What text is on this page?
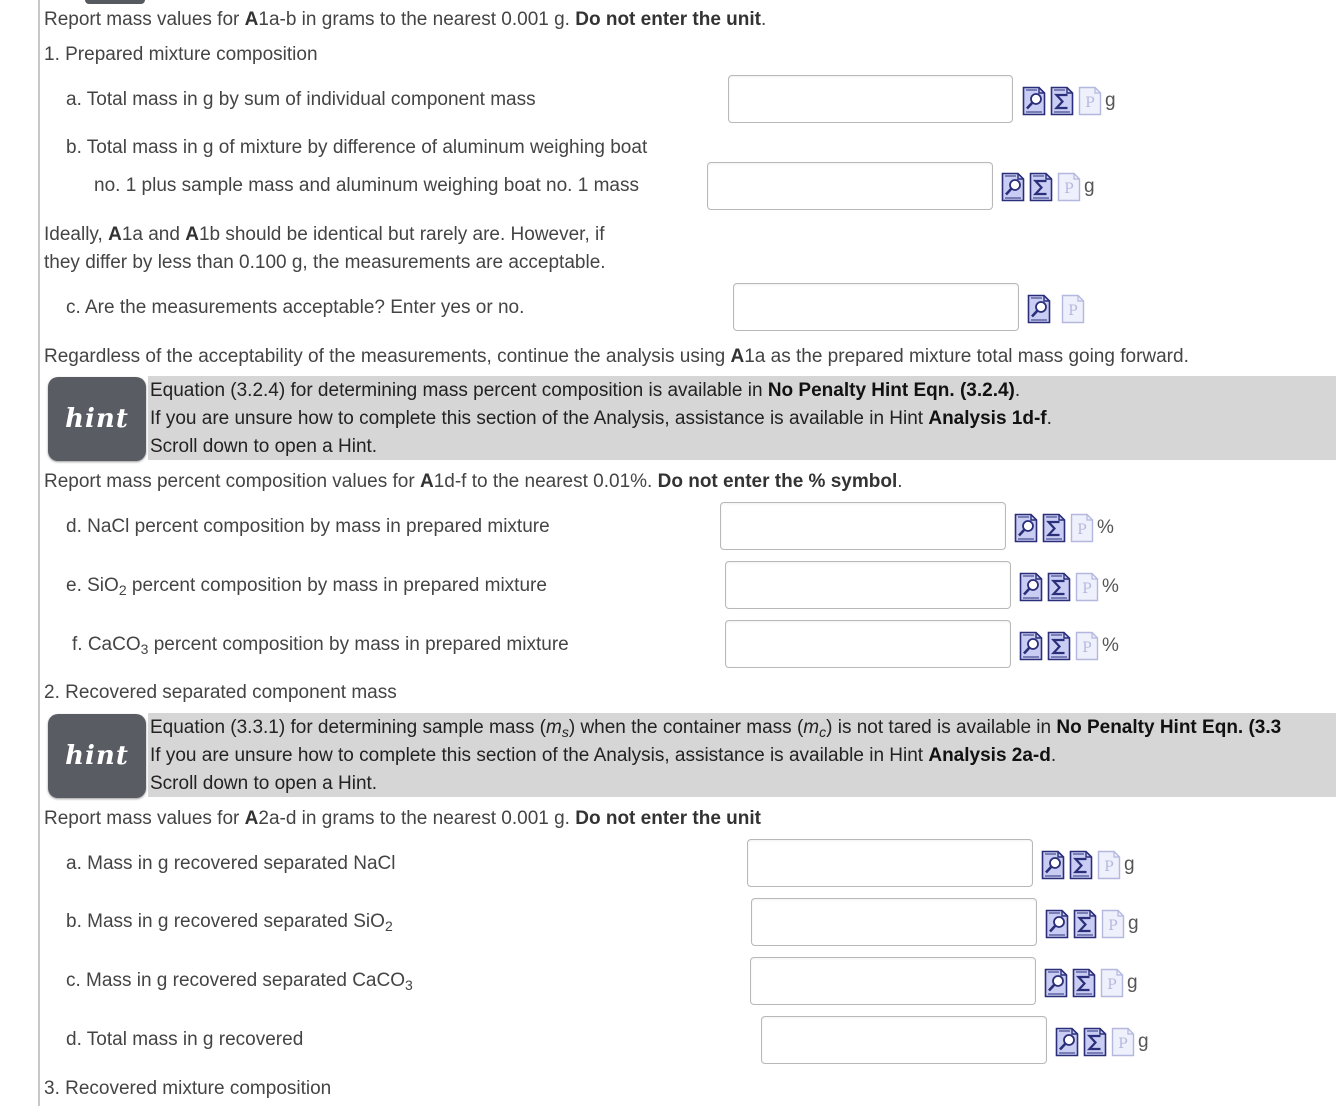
Report mass values for A1a-b in grams to the nearest 0.001 g. Do not enter the unit.
1. Prepared mixture composition
a. Total mass in g by sum of individual component mass	g
b. Total mass in g of mixture by difference of aluminum weighing boat
no. 1 plus sample mass and aluminum weighing boat no. 1 mass	g
Ideally, A1a and A1b should be identical but rarely are. However, if
they differ by less than 0.100 g, the measurements are acceptable.
c. Are the measurements acceptable? Enter yes or no.
Regardless of the acceptability of the measurements, continue the analysis using A1a as the prepared mixture total mass going forward.
hint
Equation (3.2.4) for determining mass percent composition is available in No Penalty Hint Eqn. (3.2.4).
If you are unsure how to complete this section of the Analysis, assistance is available in Hint Analysis 1d-f.
Scroll down to open a Hint.
Report mass percent composition values for A1d-f to the nearest 0.01%. Do not enter the % symbol.
d. NaCl percent composition by mass in prepared mixture	%
e. SiO$_2$ percent composition by mass in prepared mixture	%
f. CaCO$_3$ percent composition by mass in prepared mixture	%
2. Recovered separated component mass
hint
Equation (3.3.1) for determining sample mass $(m_s)$ when the container mass $(m_c)$ is not tared is available in No Penalty Hint Eqn. (3.3
If you are unsure how to complete this section of the Analysis, assistance is available in Hint Analysis 2a-d.
Scroll down to open a Hint.
Report mass values for A2a-d in grams to the nearest 0.001 g. Do not enter the unit
a. Mass in g recovered separated NaCl	g
b. Mass in g recovered separated SiO$_2$	g
c. Mass in g recovered separated CaCO$_3$	g
d. Total mass in g recovered	g
3. Recovered mixture composition
